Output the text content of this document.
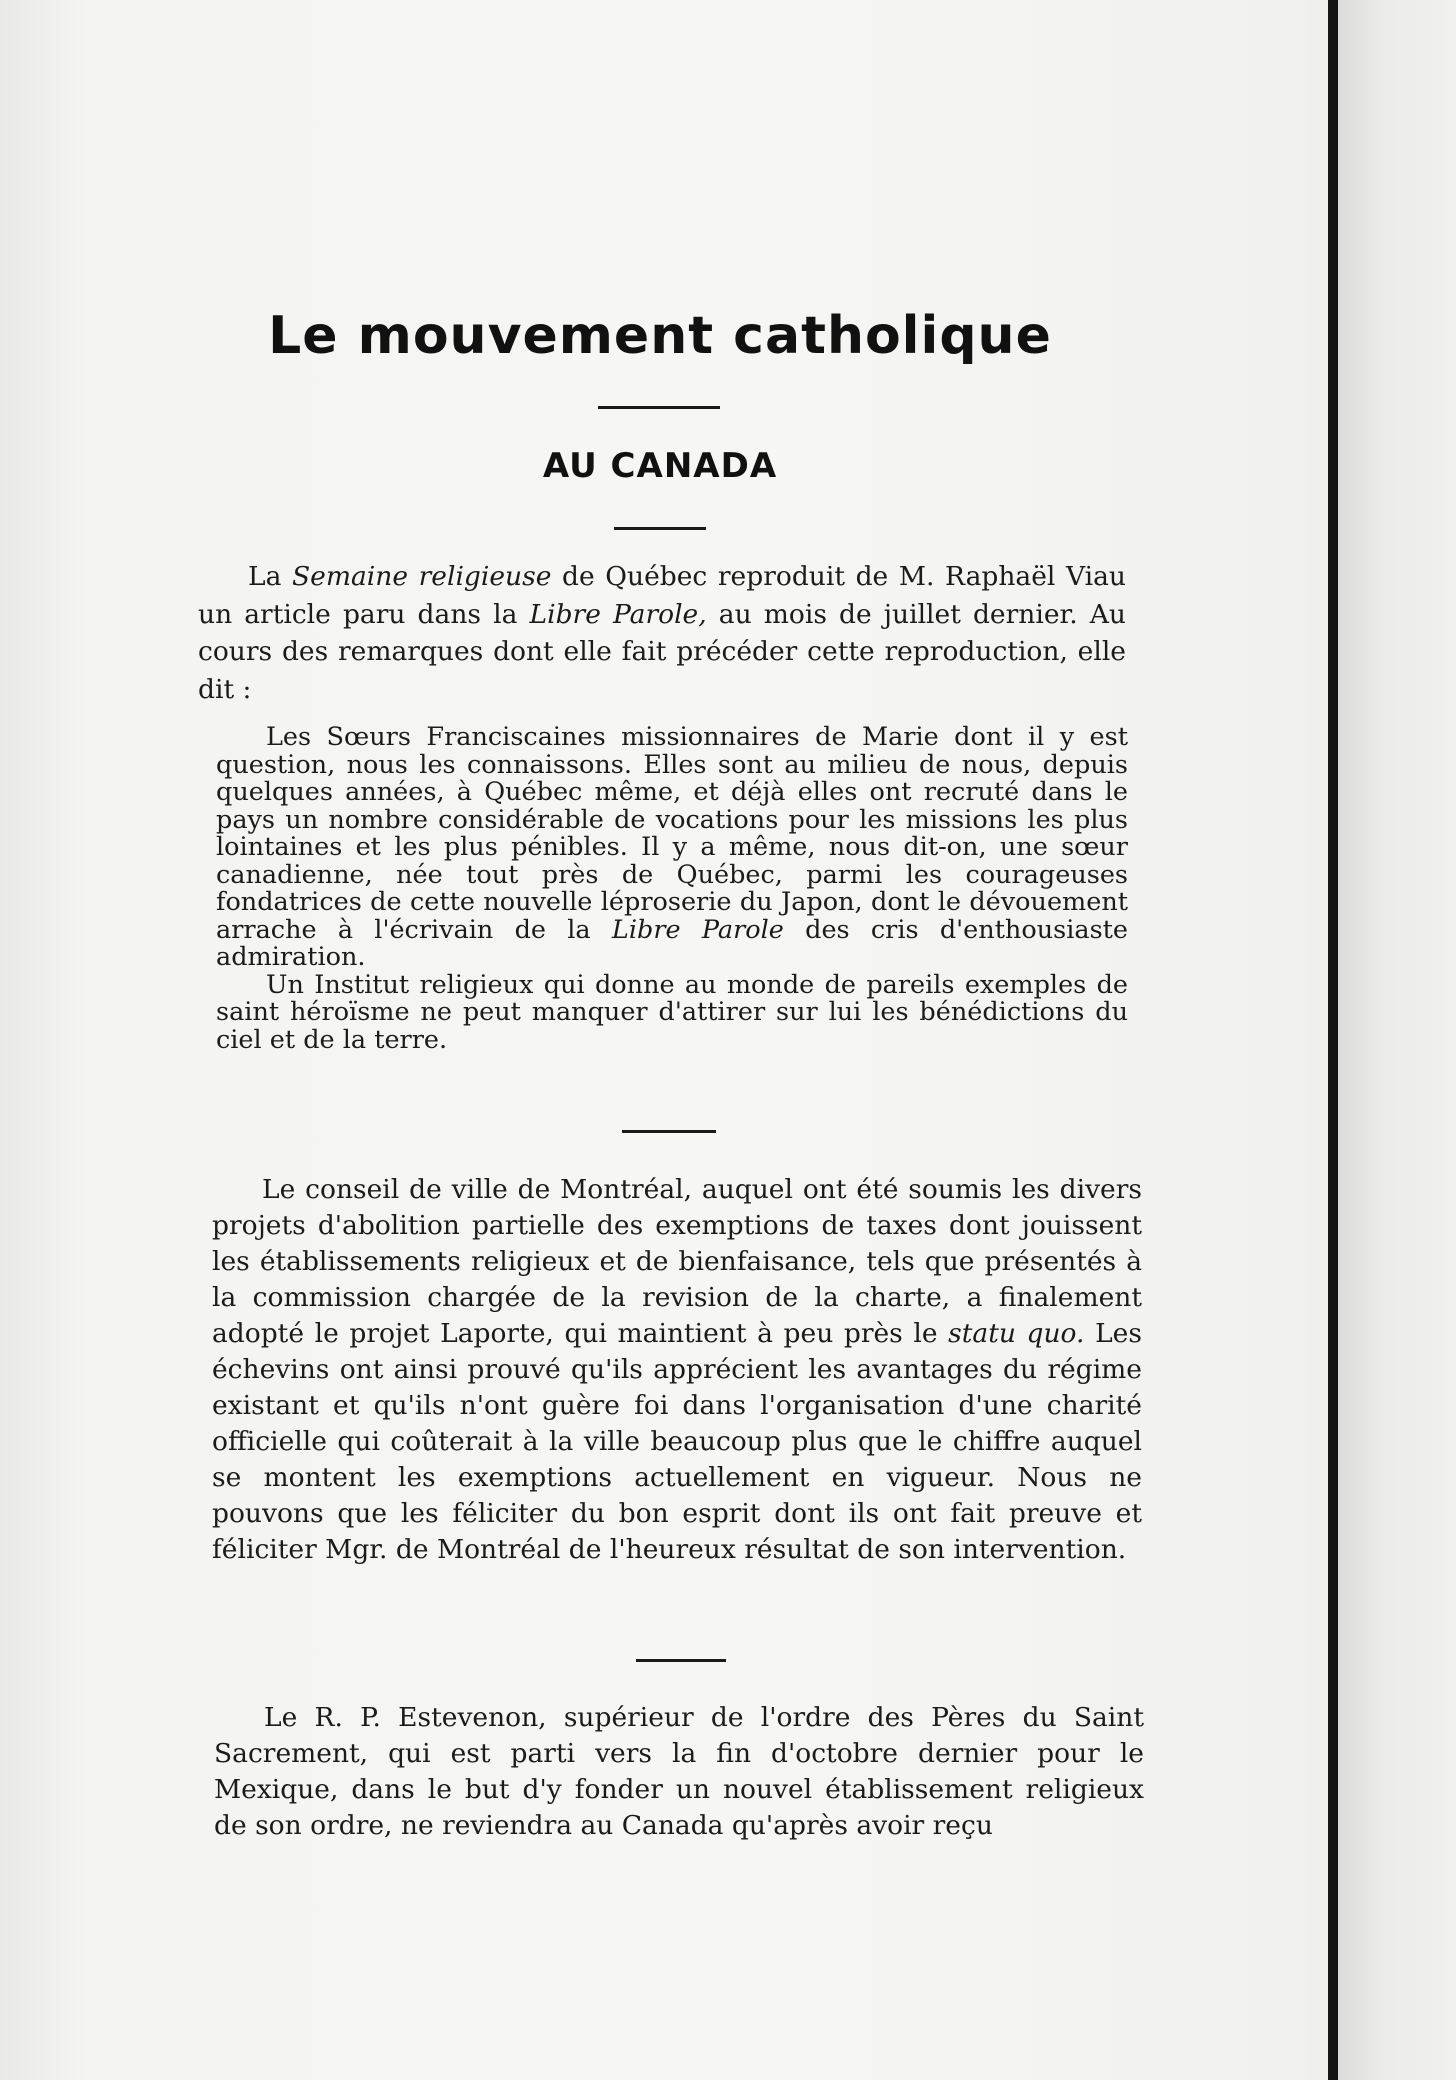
Le mouvement catholique
AU CANADA

La Semaine religieuse de Québec reproduit de M. Raphaël Viau un article paru dans la Libre Parole, au mois de juillet dernier. Au cours des remarques dont elle fait précéder cette reproduction, elle dit :

Les Sœurs Franciscaines missionnaires de Marie dont il y est question, nous les connaissons. Elles sont au milieu de nous, depuis quelques années, à Québec même, et déjà elles ont recruté dans le pays un nombre considérable de vocations pour les missions les plus lointaines et les plus pénibles. Il y a même, nous dit-on, une sœur canadienne, née tout près de Québec, parmi les courageuses fondatrices de cette nouvelle léproserie du Japon, dont le dévouement arrache à l'écrivain de la Libre Parole des cris d'enthousiaste admiration.

Un Institut religieux qui donne au monde de pareils exemples de saint héroïsme ne peut manquer d'attirer sur lui les bénédictions du ciel et de la terre.

Le conseil de ville de Montréal, auquel ont été soumis les divers projets d'abolition partielle des exemptions de taxes dont jouissent les établissements religieux et de bienfaisance, tels que présentés à la commission chargée de la revision de la charte, a finalement adopté le projet Laporte, qui maintient à peu près le statu quo. Les échevins ont ainsi prouvé qu'ils apprécient les avantages du régime existant et qu'ils n'ont guère foi dans l'organisation d'une charité officielle qui coûterait à la ville beaucoup plus que le chiffre auquel se montent les exemptions actuellement en vigueur. Nous ne pouvons que les féliciter du bon esprit dont ils ont fait preuve et féliciter Mgr. de Montréal de l'heureux résultat de son intervention.

Le R. P. Estevenon, supérieur de l'ordre des Pères du Saint Sacrement, qui est parti vers la fin d'octobre dernier pour le Mexique, dans le but d'y fonder un nouvel établissement religieux de son ordre, ne reviendra au Canada qu'après avoir reçu
